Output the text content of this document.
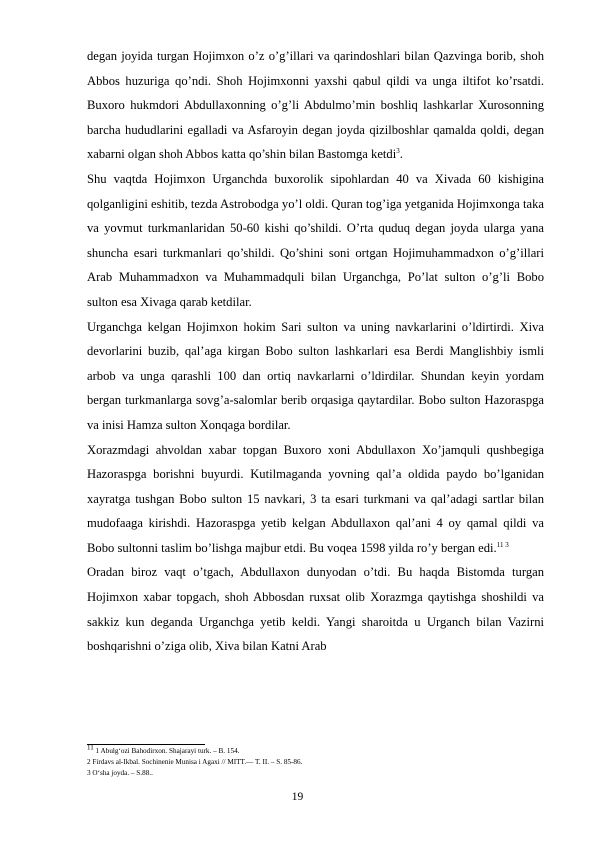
degan joyida turgan Hojimxon o’z o’g’illari va qarindoshlari bilan Qazvinga borib, shoh Abbos huzuriga qo’ndi. Shoh Hojimxonni yaxshi qabul qildi va unga iltifot ko’rsatdi. Buxoro hukmdori Abdullaxonning o’g’li Abdulmo’min boshliq lashkarlar Xurosonning barcha hududlarini egalladi va Asfaroyin degan joyda qizilboshlar qamalda qoldi, degan xabarni olgan shoh Abbos katta qo’shin bilan Bastomga ketdi$^3$.

Shu vaqtda Hojimxon Urganchda buxorolik sipohlardan 40 va Xivada 60 kishigina qolganligini eshitib, tezda Astrobodga yo’l oldi. Quran tog’iga yetganida Hojimxonga taka va yovmut turkmanlaridan 50-60 kishi qo’shildi. O’rta quduq degan joyda ularga yana shuncha esari turkmanlari qo’shildi. Qo’shini soni ortgan Hojimuhammadxon o’g’illari Arab Muhammadxon va Muhammadquli bilan Urganchga, Po’lat sulton o’g’li Bobo sulton esa Xivaga qarab ketdilar.

Urganchga kelgan Hojimxon hokim Sari sulton va uning navkarlarini o’ldirtirdi. Xiva devorlarini buzib, qal’aga kirgan Bobo sulton lashkarlari esa Berdi Manglishbiy ismli arbob va unga qarashli 100 dan ortiq navkarlarni o’ldirdilar. Shundan keyin yordam bergan turkmanlarga sovg’a-salomlar berib orqasiga qaytardilar. Bobo sulton Hazoraspga va inisi Hamza sulton Xonqaga bordilar.

Xorazmdagi ahvoldan xabar topgan Buxoro xoni Abdullaxon Xo’jamquli qushbegiga Hazoraspga borishni buyurdi. Kutilmaganda yovning qal’a oldida paydo bo’lganidan xayratga tushgan Bobo sulton 15 navkari, 3 ta esari turkmani va qal’adagi sartlar bilan mudofaaga kirishdi. Hazoraspga yetib kelgan Abdullaxon qal’ani 4 oy qamal qildi va Bobo sultonni taslim bo’lishga majbur etdi. Bu voqea 1598 yilda ro’y bergan edi.$^{11 3}$

Oradan biroz vaqt o’tgach, Abdullaxon dunyodan o’tdi. Bu haqda Bistomda turgan Hojimxon xabar topgach, shoh Abbosdan ruxsat olib Xorazmga qaytishga shoshildi va sakkiz kun deganda Urganchga yetib keldi. Yangi sharoitda u Urganch bilan Vazirni boshqarishni o’ziga olib, Xiva bilan Katni Arab

$^{11}$ 1 Abulg‘ozi Bahodirxon. Shajarayi turk. – B. 154.
2 Firdavs al-Ikbal. Sochinenie Munisa i Agaxi // MITT.— T. II. – S. 85-86.
3 O‘sha joyda. – S.88..
19
